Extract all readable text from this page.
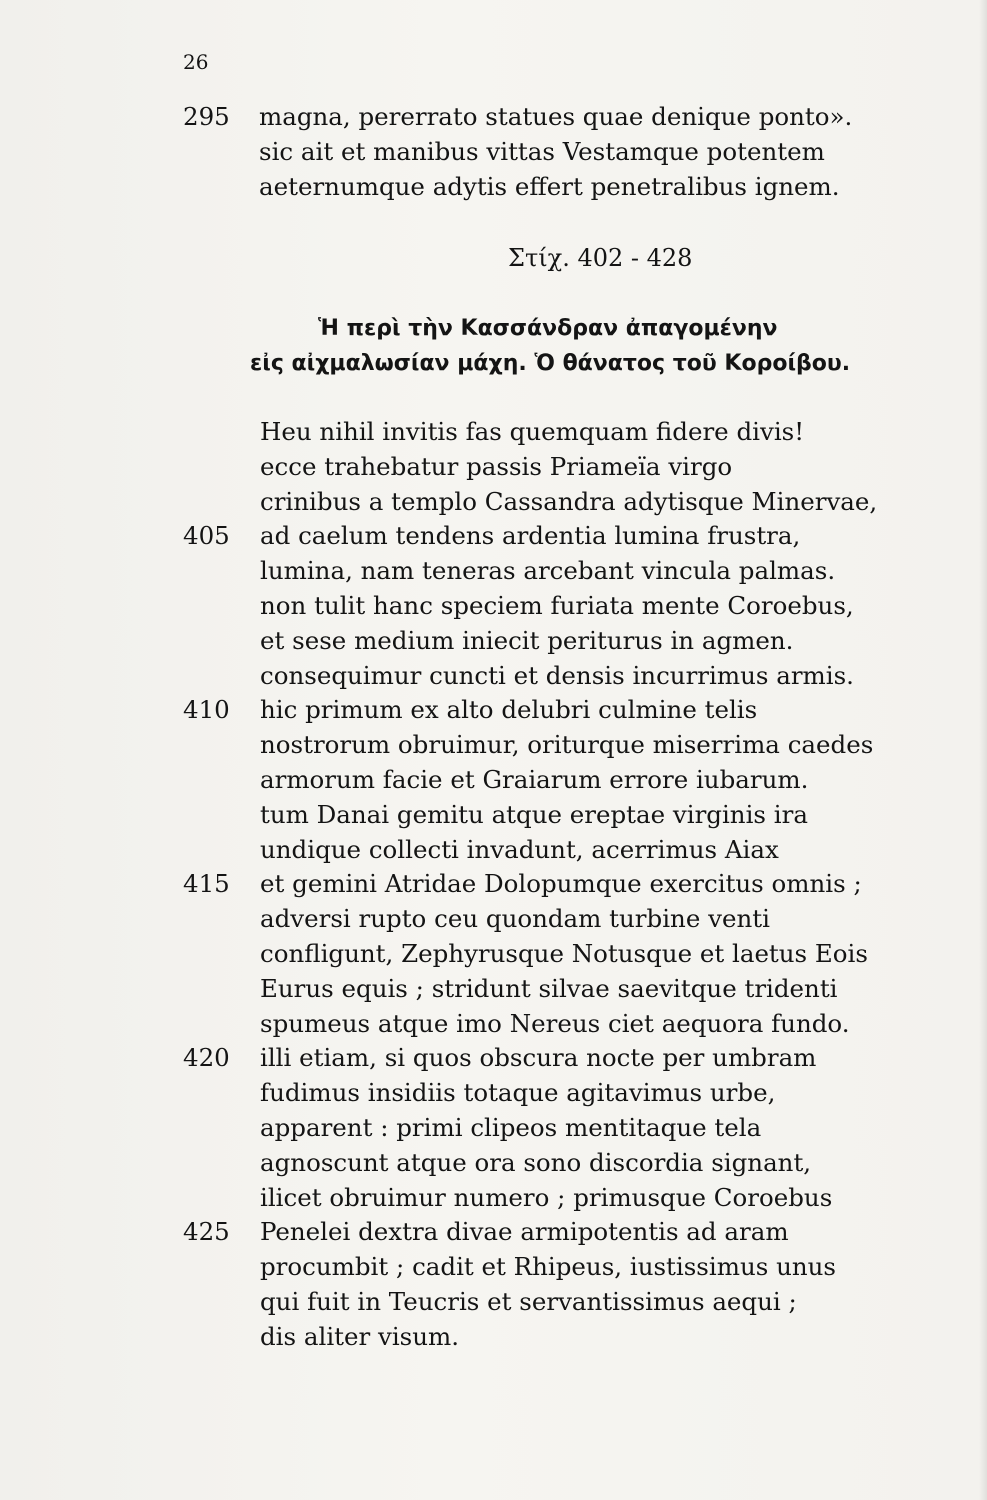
26
295	magna, pererrato statues quae denique ponto».
sic ait et manibus vittas Vestamque potentem
aeternumque adytis effert penetralibus ignem.
Στίχ. 402 - 428
Ἡ περὶ τὴν Κασσάνδραν ἀπαγομένην
εἰς αἰχμαλωσίαν μάχη. Ὁ θάνατος τοῦ Κοροίβου.
Heu nihil invitis fas quemquam fidere divis!
ecce trahebatur passis Priameïa virgo
crinibus a templo Cassandra adytisque Minervae,
405	ad caelum tendens ardentia lumina frustra,
lumina, nam teneras arcebant vincula palmas.
non tulit hanc speciem furiata mente Coroebus,
et sese medium iniecit periturus in agmen.
consequimur cuncti et densis incurrimus armis.
410	hic primum ex alto delubri culmine telis
nostrorum obruimur, oriturque miserrima caedes
armorum facie et Graiarum errore iubarum.
tum Danai gemitu atque ereptae virginis ira
undique collecti invadunt, acerrimus Aiax
415	et gemini Atridae Dolopumque exercitus omnis ;
adversi rupto ceu quondam turbine venti
confligunt, Zephyrusque Notusque et laetus Eois
Eurus equis ; stridunt silvae saevitque tridenti
spumeus atque imo Nereus ciet aequora fundo.
420	illi etiam, si quos obscura nocte per umbram
fudimus insidiis totaque agitavimus urbe,
apparent : primi clipeos mentitaque tela
agnoscunt atque ora sono discordia signant,
ilicet obruimur numero ; primusque Coroebus
425	Penelei dextra divae armipotentis ad aram
procumbit ; cadit et Rhipeus, iustissimus unus
qui fuit in Teucris et servantissimus aequi ;
dis aliter visum.
